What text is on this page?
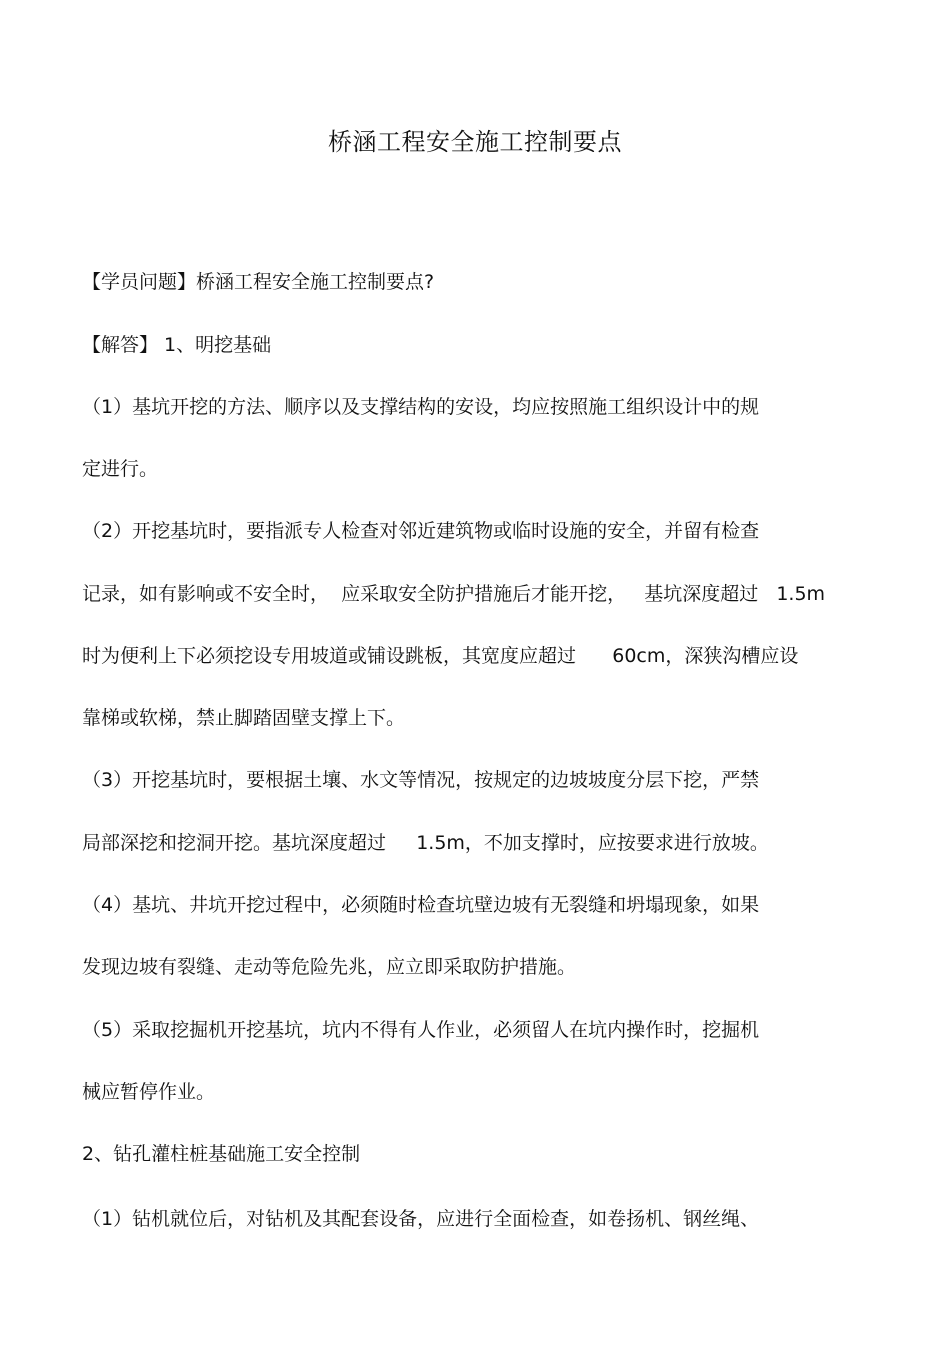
桥涵工程安全施工控制要点
【学员问题】桥涵工程安全施工控制要点?
【解答】 1、明挖基础
（1）基坑开挖的方法、顺序以及支撑结构的安设，均应按照施工组织设计中的规
定进行。
（2）开挖基坑时，要指派专人检查对邻近建筑物或临时设施的安全，并留有检查
记录，如有影响或不安全时，  应采取安全防护措施后才能开挖，   基坑深度超过   1.5m
时为便利上下必须挖设专用坡道或铺设跳板，其宽度应超过      60cm，深狭沟槽应设
靠梯或软梯，禁止脚踏固壁支撑上下。
（3）开挖基坑时，要根据土壤、水文等情况，按规定的边坡坡度分层下挖，严禁
局部深挖和挖洞开挖。基坑深度超过     1.5m，不加支撑时，应按要求进行放坡。
（4）基坑、井坑开挖过程中，必须随时检查坑壁边坡有无裂缝和坍塌现象，如果
发现边坡有裂缝、走动等危险先兆，应立即采取防护措施。
（5）采取挖掘机开挖基坑，坑内不得有人作业，必须留人在坑内操作时，挖掘机
械应暂停作业。
2、钻孔灌柱桩基础施工安全控制
（1）钻机就位后，对钻机及其配套设备，应进行全面检查，如卷扬机、钢丝绳、
